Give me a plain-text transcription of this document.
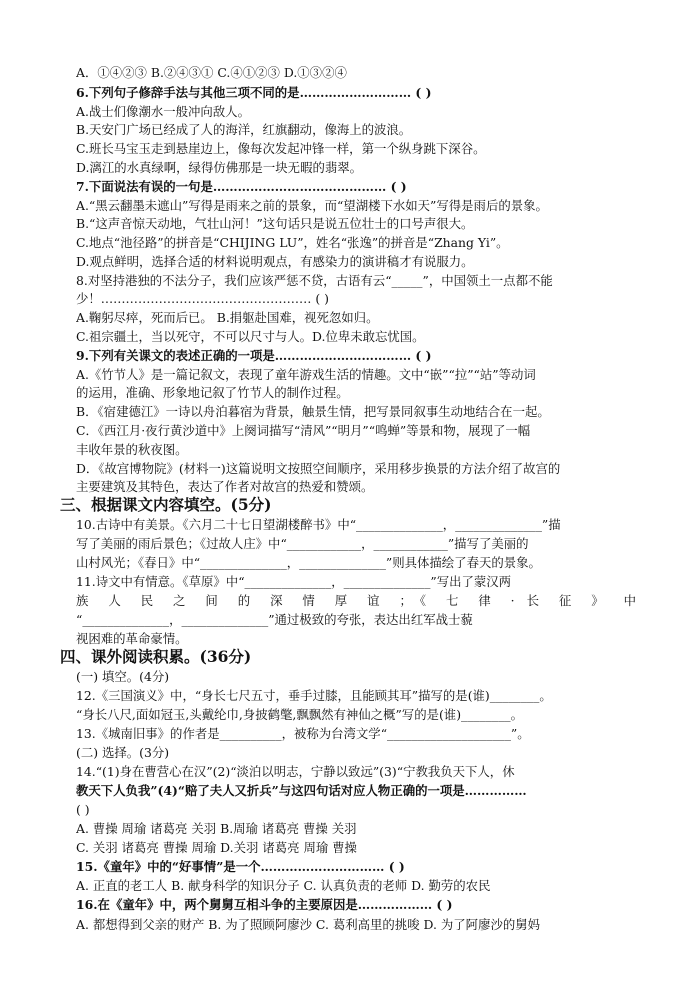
A．①④②③ B.②④③① C.④①②③ D.①③②④
6.下列句子修辞手法与其他三项不同的是……………………… ( )
A.战士们像潮水一般冲向敌人。
B.天安门广场已经成了人的海洋，红旗翻动，像海上的波浪。
C.班长马宝玉走到悬崖边上，像每次发起冲锋一样，第一个纵身跳下深谷。
D.漓江的水真绿啊，绿得仿佛那是一块无暇的翡翠。
7.下面说法有误的一句是…………………………………… ( )
A.“黑云翻墨未遮山”写得是雨来之前的景象，而“望湖楼下水如天”写得是雨后的景象。
B.“这声音惊天动地，气壮山河！”这句话只是说五位壮士的口号声很大。
C.地点“池径路”的拼音是“CHIJING LU”，姓名“张逸”的拼音是“Zhang Yi”。
D.观点鲜明，选择合适的材料说明观点，有感染力的演讲稿才有说服力。
8.对坚持港独的不法分子，我们应该严惩不贷，古语有云“_____”，中国领土一点都不能
少！…………………………………………… ( )
A.鞠躬尽瘁，死而后已。 B.捐躯赴国难，视死忽如归。
C.祖宗疆土，当以死守，不可以尺寸与人。D.位卑未敢忘忧国。
9.下列有关课文的表述正确的一项是…………………………… ( )
A.《竹节人》是一篇记叙文，表现了童年游戏生活的情趣。文中“嵌”“拉”“站”等动词
的运用，准确、形象地记叙了竹节人的制作过程。
B．《宿建德江》一诗以舟泊暮宿为背景，触景生情，把写景同叙事生动地结合在一起。
C．《西江月·夜行黄沙道中》上阕词描写“清风”“明月”“鸣蝉”等景和物，展现了一幅
丰收年景的秋夜图。
D．《故宫博物院》(材料一)这篇说明文按照空间顺序，采用移步换景的方法介绍了故宫的
主要建筑及其特色，表达了作者对故宫的热爱和赞颂。
三、根据课文内容填空。(5分)
10.古诗中有美景。《六月二十七日望湖楼醉书》中“______________，______________”描
写了美丽的雨后景色；《过故人庄》中“____________，____________”描写了美丽的
山村风光；《春日》中“______________，______________”则具体描绘了春天的景象。
11.诗文中有情意。《草原》中“______________，______________”写出了蒙汉两
族 人 民 之 间 的 深 情 厚 谊 ；《 七 律 · 长 征 》 中
“______________，______________”通过极致的夸张，表达出红军战士藐
视困难的革命豪情。
四、课外阅读积累。(36分)
(一) 填空。(4分)
12.《三国演义》中，“身长七尺五寸，垂手过膝，且能顾其耳”描写的是(谁)________。
“身长八尺,面如冠玉,头戴纶巾,身披鹤氅,飘飘然有神仙之概”写的是(谁)________。
13.《城南旧事》的作者是__________，被称为台湾文学“____________________”。
(二) 选择。(3分)
14.“(1)身在曹营心在汉”(2)“淡泊以明志，宁静以致远”(3)“宁教我负天下人，休
教天下人负我”(4)“赔了夫人又折兵”与这四句话对应人物正确的一项是……………
( )
A. 曹操 周瑜 诸葛亮 关羽 B.周瑜 诸葛亮 曹操 关羽
C. 关羽 诸葛亮 曹操 周瑜 D.关羽 诸葛亮 周瑜 曹操
15.《童年》中的“好事情”是一个………………………… ( )
A. 正直的老工人 B. 献身科学的知识分子 C. 认真负责的老师 D. 勤劳的农民
16.在《童年》中，两个舅舅互相斗争的主要原因是……………… ( )
A. 都想得到父亲的财产 B. 为了照顾阿廖沙 C. 葛利高里的挑唆 D. 为了阿廖沙的舅妈
